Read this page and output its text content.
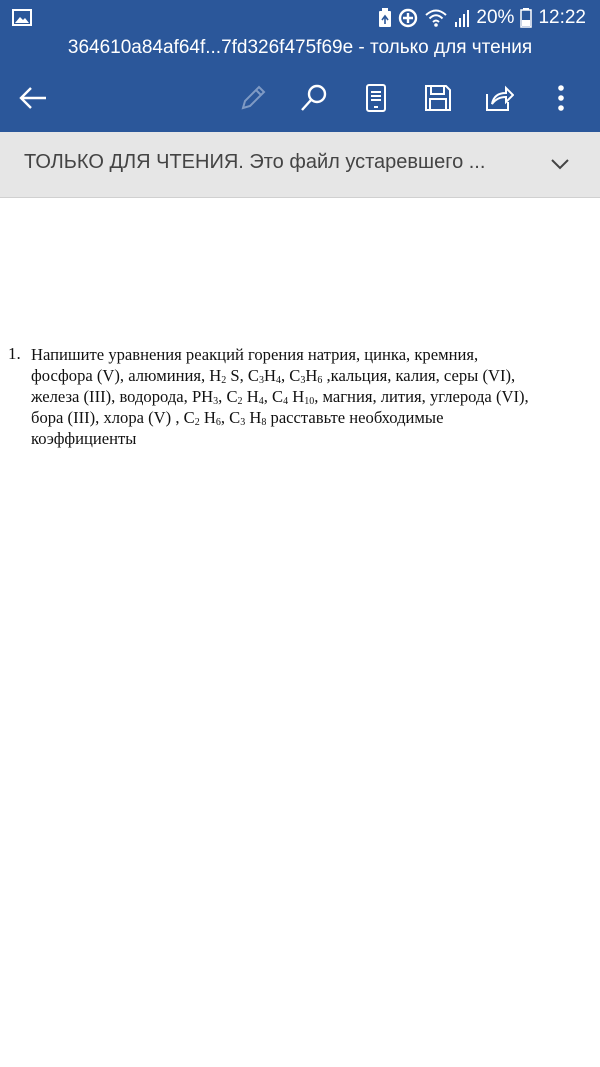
20% 12:22
364610a84af64f...7fd326f475f69e - только для чтения
ТОЛЬКО ДЛЯ ЧТЕНИЯ. Это файл устаревшего ...
1. Напишите уравнения реакций горения натрия, цинка, кремния,
фосфора (V), алюминия, $H_2$ S, $C_3H_4$, $C_3H_6$ ,кальция, калия, серы (VI),
железа (III), водорода, $PH_3$, $C_2$ $H_4$, $C_4$ $H_{10}$, магния, лития, углерода (VI),
бора (III), хлора (V) , $C_2$ $H_6$, $C_3$ $H_8$ расставьте необходимые
коэффициенты
